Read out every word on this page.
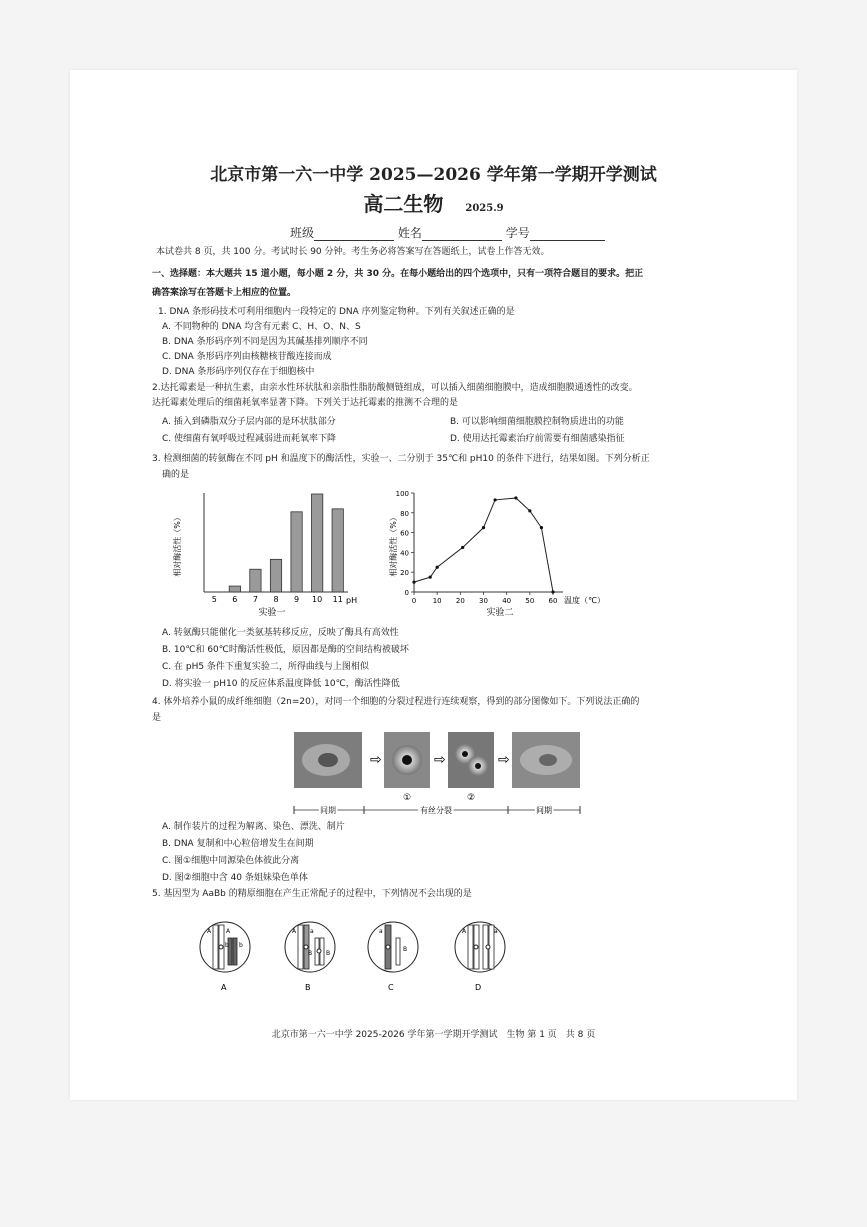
北京市第一六一中学 2025—2026 学年第一学期开学测试
高二生物 2025.9
班级	姓名	学号
本试卷共 8 页，共 100 分。考试时长 90 分钟。考生务必将答案写在答题纸上，试卷上作答无效。
一、选择题：本大题共 15 道小题，每小题 2 分，共 30 分。在每小题给出的四个选项中，只有一项符合题目的要求。把正
确答案涂写在答题卡上相应的位置。
1. DNA 条形码技术可利用细胞内一段特定的 DNA 序列鉴定物种。下列有关叙述正确的是
A. 不同物种的 DNA 均含有元素 C、H、O、N、S
B. DNA 条形码序列不同是因为其碱基排列顺序不同
C. DNA 条形码序列由核糖核苷酸连接而成
D. DNA 条形码序列仅存在于细胞核中
2.达托霉素是一种抗生素，由亲水性环状肽和亲脂性脂肪酸侧链组成，可以插入细菌细胞膜中，造成细胞膜通透性的改变。
达托霉素处理后的细菌耗氧率显著下降。下列关于达托霉素的推测不合理的是
A. 插入到磷脂双分子层内部的是环状肽部分	B. 可以影响细菌细胞膜控制物质进出的功能
C. 使细菌有氧呼吸过程减弱进而耗氧率下降	D. 使用达托霉素治疗前需要有细菌感染指征
3. 检测细菌的转氨酶在不同 pH 和温度下的酶活性，实验一、二分别于 35℃和 pH10 的条件下进行，结果如图。下列分析正
确的是
5 6 7 8 9 10 11 pH
实验一
相对酶活性（%）
0
20
40
60
80
100
0 10 20 30 40 50 60 温度（℃）
实验二
相对酶活性（%）
A. 转氨酶只能催化一类氨基转移反应，反映了酶具有高效性
B. 10℃和 60℃时酶活性极低，原因都是酶的空间结构被破坏
C. 在 pH5 条件下重复实验二，所得曲线与上图相似
D. 将实验一 pH10 的反应体系温度降低 10℃，酶活性降低
4. 体外培养小鼠的成纤维细胞（2n=20），对同一个细胞的分裂过程进行连续观察，得到的部分图像如下。下列说法正确的
是
⇨	⇨	⇨
①	②
间期	有丝分裂	间期
A. 制作装片的过程为解离、染色、漂洗、制片
B. DNA 复制和中心粒倍增发生在间期
C. 图①细胞中同源染色体彼此分离
D. 图②细胞中含 40 条姐妹染色单体
5. 基因型为 AaBb 的精原细胞在产生正常配子的过程中，下列情况不会出现的是
A A
b b
A
A a
B B
B
a
B
C
A	a
D
北京市第一六一中学 2025-2026 学年第一学期开学测试　生物 第 1 页　共 8 页
